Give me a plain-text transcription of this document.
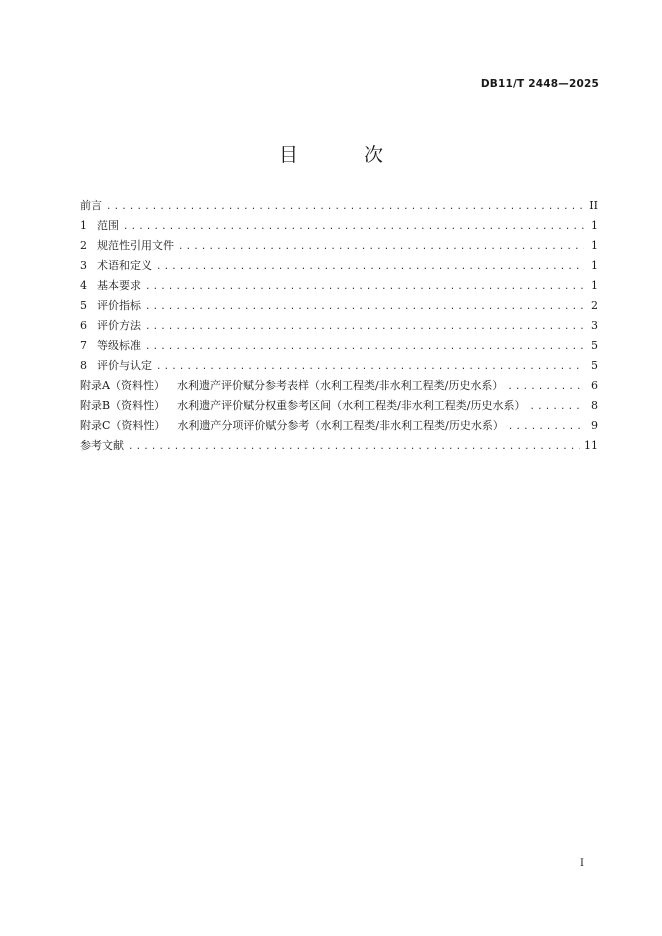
DB11/T 2448—2025
目 次
前言 .....	II
1 范围 .....	1
2 规范性引用文件 .....	1
3 术语和定义 .....	1
4 基本要求 .....	1
5 评价指标 .....	2
6 评价方法 .....	3
7 等级标准 .....	5
8 评价与认定 .....	5
附录A（资料性） 水利遗产评价赋分参考表样（水利工程类/非水利工程类/历史水系） .....	6
附录B（资料性） 水利遗产评价赋分权重参考区间（水利工程类/非水利工程类/历史水系） .....	8
附录C（资料性） 水利遗产分项评价赋分参考（水利工程类/非水利工程类/历史水系） .....	9
参考文献 .....	11
I
